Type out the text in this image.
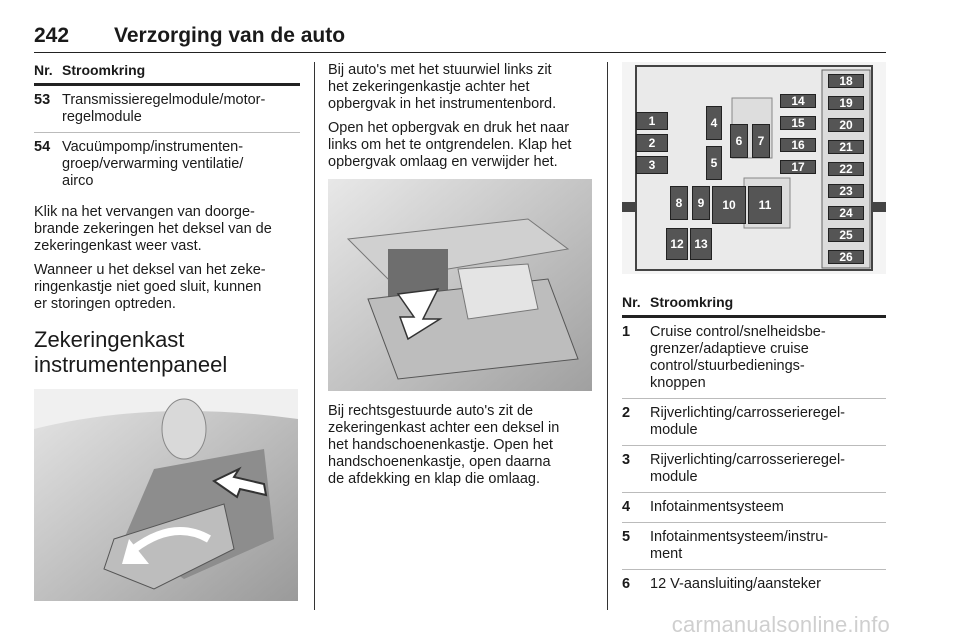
242 Verzorging van de auto
Nr. Stroomkring
53 Transmissieregelmodule/motor-
regelmodule
54 Vacuümpomp/instrumenten-
groep/verwarming ventilatie/
airco

Klik na het vervangen van doorge-
brande zekeringen het deksel van de
zekeringenkast weer vast.

Wanneer u het deksel van het zeke-
ringenkastje niet goed sluit, kunnen
er storingen optreden.

Zekeringenkast
instrumentenpaneel

Bij auto's met het stuurwiel links zit
het zekeringenkastje achter het
opbergvak in het instrumentenbord.

Open het opbergvak en druk het naar
links om het te ontgrendelen. Klap het
opbergvak omlaag en verwijder het.

Bij rechtsgestuurde auto's zit de
zekeringenkast achter een deksel in
het handschoenenkastje. Open het
handschoenenkastje, open daarna
de afdekking en klap die omlaag.

1
2
3
4
5
6	7
8	9	10	11
12 13
14
15
16
17
18
19
20
21
22
23
24
25
26
Nr. Stroomkring
1	Cruise control/snelheidsbe-
grenzer/adaptieve cruise
control/stuurbedienings-
knoppen
2	Rijverlichting/carrosserieregel-
module
3	Rijverlichting/carrosserieregel-
module
4	Infotainmentsysteem
5	Infotainmentsysteem/instru-
ment
6	12 V-aansluiting/aansteker
carmanualsonline.info
